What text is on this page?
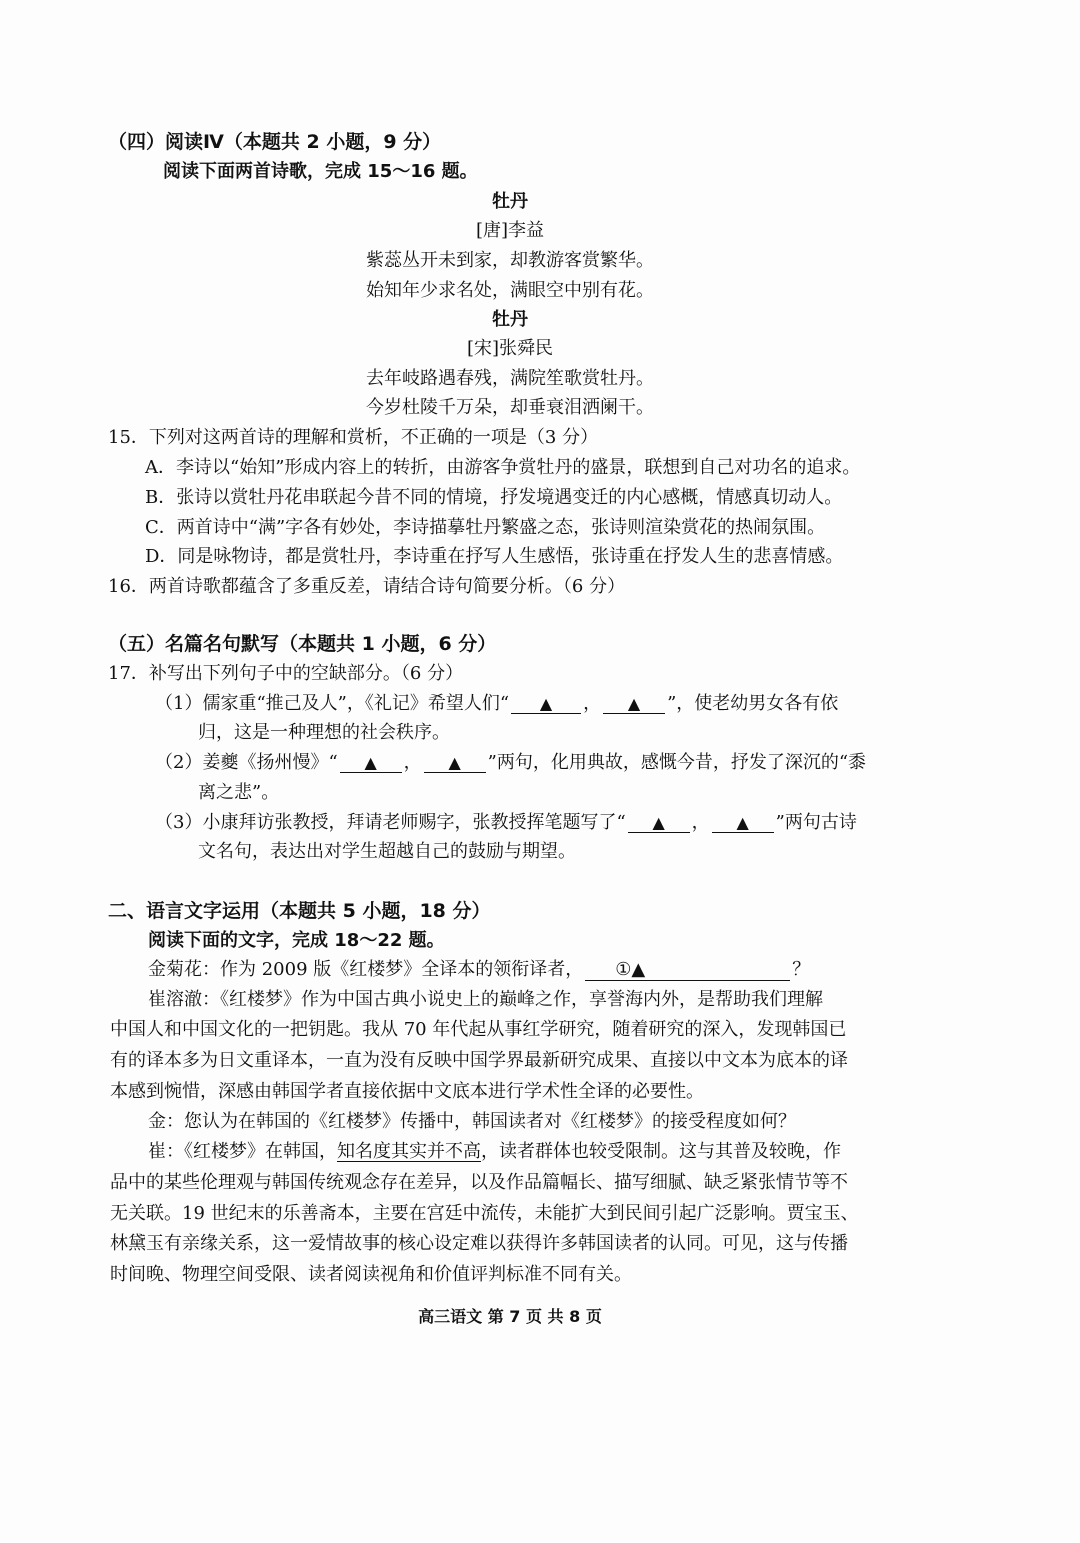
（四）阅读Ⅳ（本题共 2 小题，9 分）
阅读下面两首诗歌，完成 15～16 题。
牡丹
[唐]李益
紫蕊丛开未到家，却教游客赏繁华。
始知年少求名处，满眼空中别有花。
牡丹
[宋]张舜民
去年岐路遇春残，满院笙歌赏牡丹。
今岁杜陵千万朵，却垂衰泪洒阑干。
15．下列对这两首诗的理解和赏析，不正确的一项是（3 分）
A．李诗以“始知”形成内容上的转折，由游客争赏牡丹的盛景，联想到自己对功名的追求。
B．张诗以赏牡丹花串联起今昔不同的情境，抒发境遇变迁的内心感概，情感真切动人。
C．两首诗中“满”字各有妙处，李诗描摹牡丹繁盛之态，张诗则渲染赏花的热闹氛围。
D．同是咏物诗，都是赏牡丹，李诗重在抒写人生感悟，张诗重在抒发人生的悲喜情感。
16．两首诗歌都蕴含了多重反差，请结合诗句简要分析。（6 分）
（五）名篇名句默写（本题共 1 小题，6 分）
17．补写出下列句子中的空缺部分。（6 分）
（1）儒家重“推己及人”，《礼记》希望人们“ ▲ ， ▲ ”，使老幼男女各有依
归，这是一种理想的社会秩序。
（2）姜夔《扬州慢》“ ▲ ， ▲ ”两句，化用典故，感慨今昔，抒发了深沉的“黍
离之悲”。
（3）小康拜访张教授，拜请老师赐字，张教授挥笔题写了“ ▲ ， ▲ ”两句古诗
文名句，表达出对学生超越自己的鼓励与期望。
二、语言文字运用（本题共 5 小题，18 分）
阅读下面的文字，完成 18～22 题。
金菊花：作为 2009 版《红楼梦》全译本的领衔译者， ①▲	？
崔溶澈：《红楼梦》作为中国古典小说史上的巅峰之作，享誉海内外，是帮助我们理解
中国人和中国文化的一把钥匙。我从 70 年代起从事红学研究，随着研究的深入，发现韩国已
有的译本多为日文重译本，一直为没有反映中国学界最新研究成果、直接以中文本为底本的译
本感到惋惜，深感由韩国学者直接依据中文底本进行学术性全译的必要性。
金：您认为在韩国的《红楼梦》传播中，韩国读者对《红楼梦》的接受程度如何？
崔：《红楼梦》在韩国，知名度其实并不高，读者群体也较受限制。这与其普及较晚，作
品中的某些伦理观与韩国传统观念存在差异，以及作品篇幅长、描写细腻、缺乏紧张情节等不
无关联。19 世纪末的乐善斋本，主要在宫廷中流传，未能扩大到民间引起广泛影响。贾宝玉、
林黛玉有亲缘关系，这一爱情故事的核心设定难以获得许多韩国读者的认同。可见，这与传播
时间晚、物理空间受限、读者阅读视角和价值评判标准不同有关。
高三语文 第 7 页 共 8 页
